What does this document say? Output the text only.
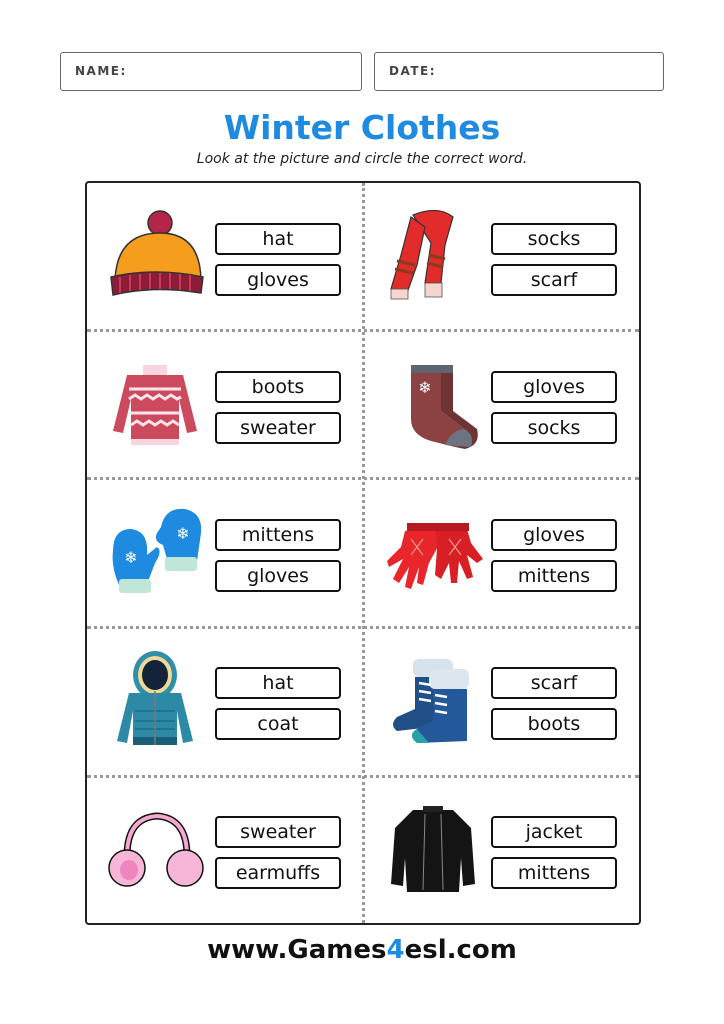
NAME:	DATE:
Winter Clothes
Look at the picture and circle the correct word.
hat
gloves
socks
scarf
boots
sweater
❄	gloves
socks
❄
❄	mittens
gloves
gloves
mittens
hat
coat
scarf
boots
sweater
earmuffs
jacket
mittens
www.Games4esl.com
